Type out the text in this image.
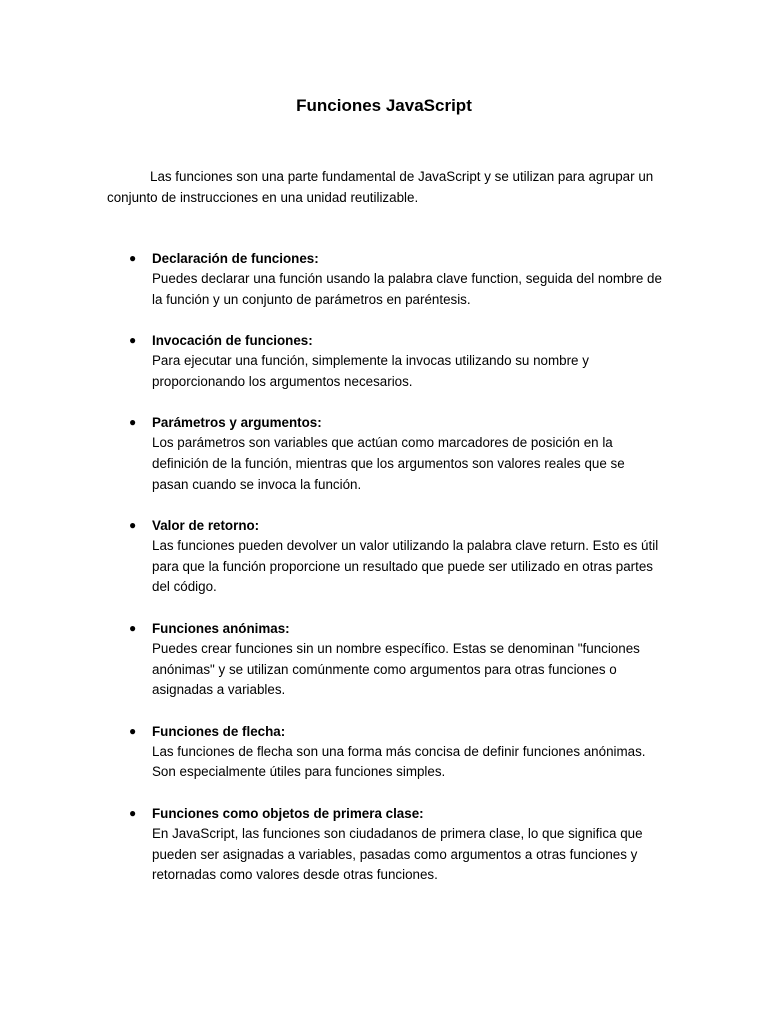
Funciones JavaScript

Las funciones son una parte fundamental de JavaScript y se utilizan para agrupar un conjunto de instrucciones en una unidad reutilizable.

● Declaración de funciones:
Puedes declarar una función usando la palabra clave function, seguida del nombre de la función y un conjunto de parámetros en paréntesis.
● Invocación de funciones:
Para ejecutar una función, simplemente la invocas utilizando su nombre y proporcionando los argumentos necesarios.
● Parámetros y argumentos:
Los parámetros son variables que actúan como marcadores de posición en la definición de la función, mientras que los argumentos son valores reales que se pasan cuando se invoca la función.
● Valor de retorno:
Las funciones pueden devolver un valor utilizando la palabra clave return. Esto es útil para que la función proporcione un resultado que puede ser utilizado en otras partes del código.
● Funciones anónimas:
Puedes crear funciones sin un nombre específico. Estas se denominan "funciones anónimas" y se utilizan comúnmente como argumentos para otras funciones o asignadas a variables.
● Funciones de flecha:
Las funciones de flecha son una forma más concisa de definir funciones anónimas. Son especialmente útiles para funciones simples.
● Funciones como objetos de primera clase:
En JavaScript, las funciones son ciudadanos de primera clase, lo que significa que pueden ser asignadas a variables, pasadas como argumentos a otras funciones y retornadas como valores desde otras funciones.
